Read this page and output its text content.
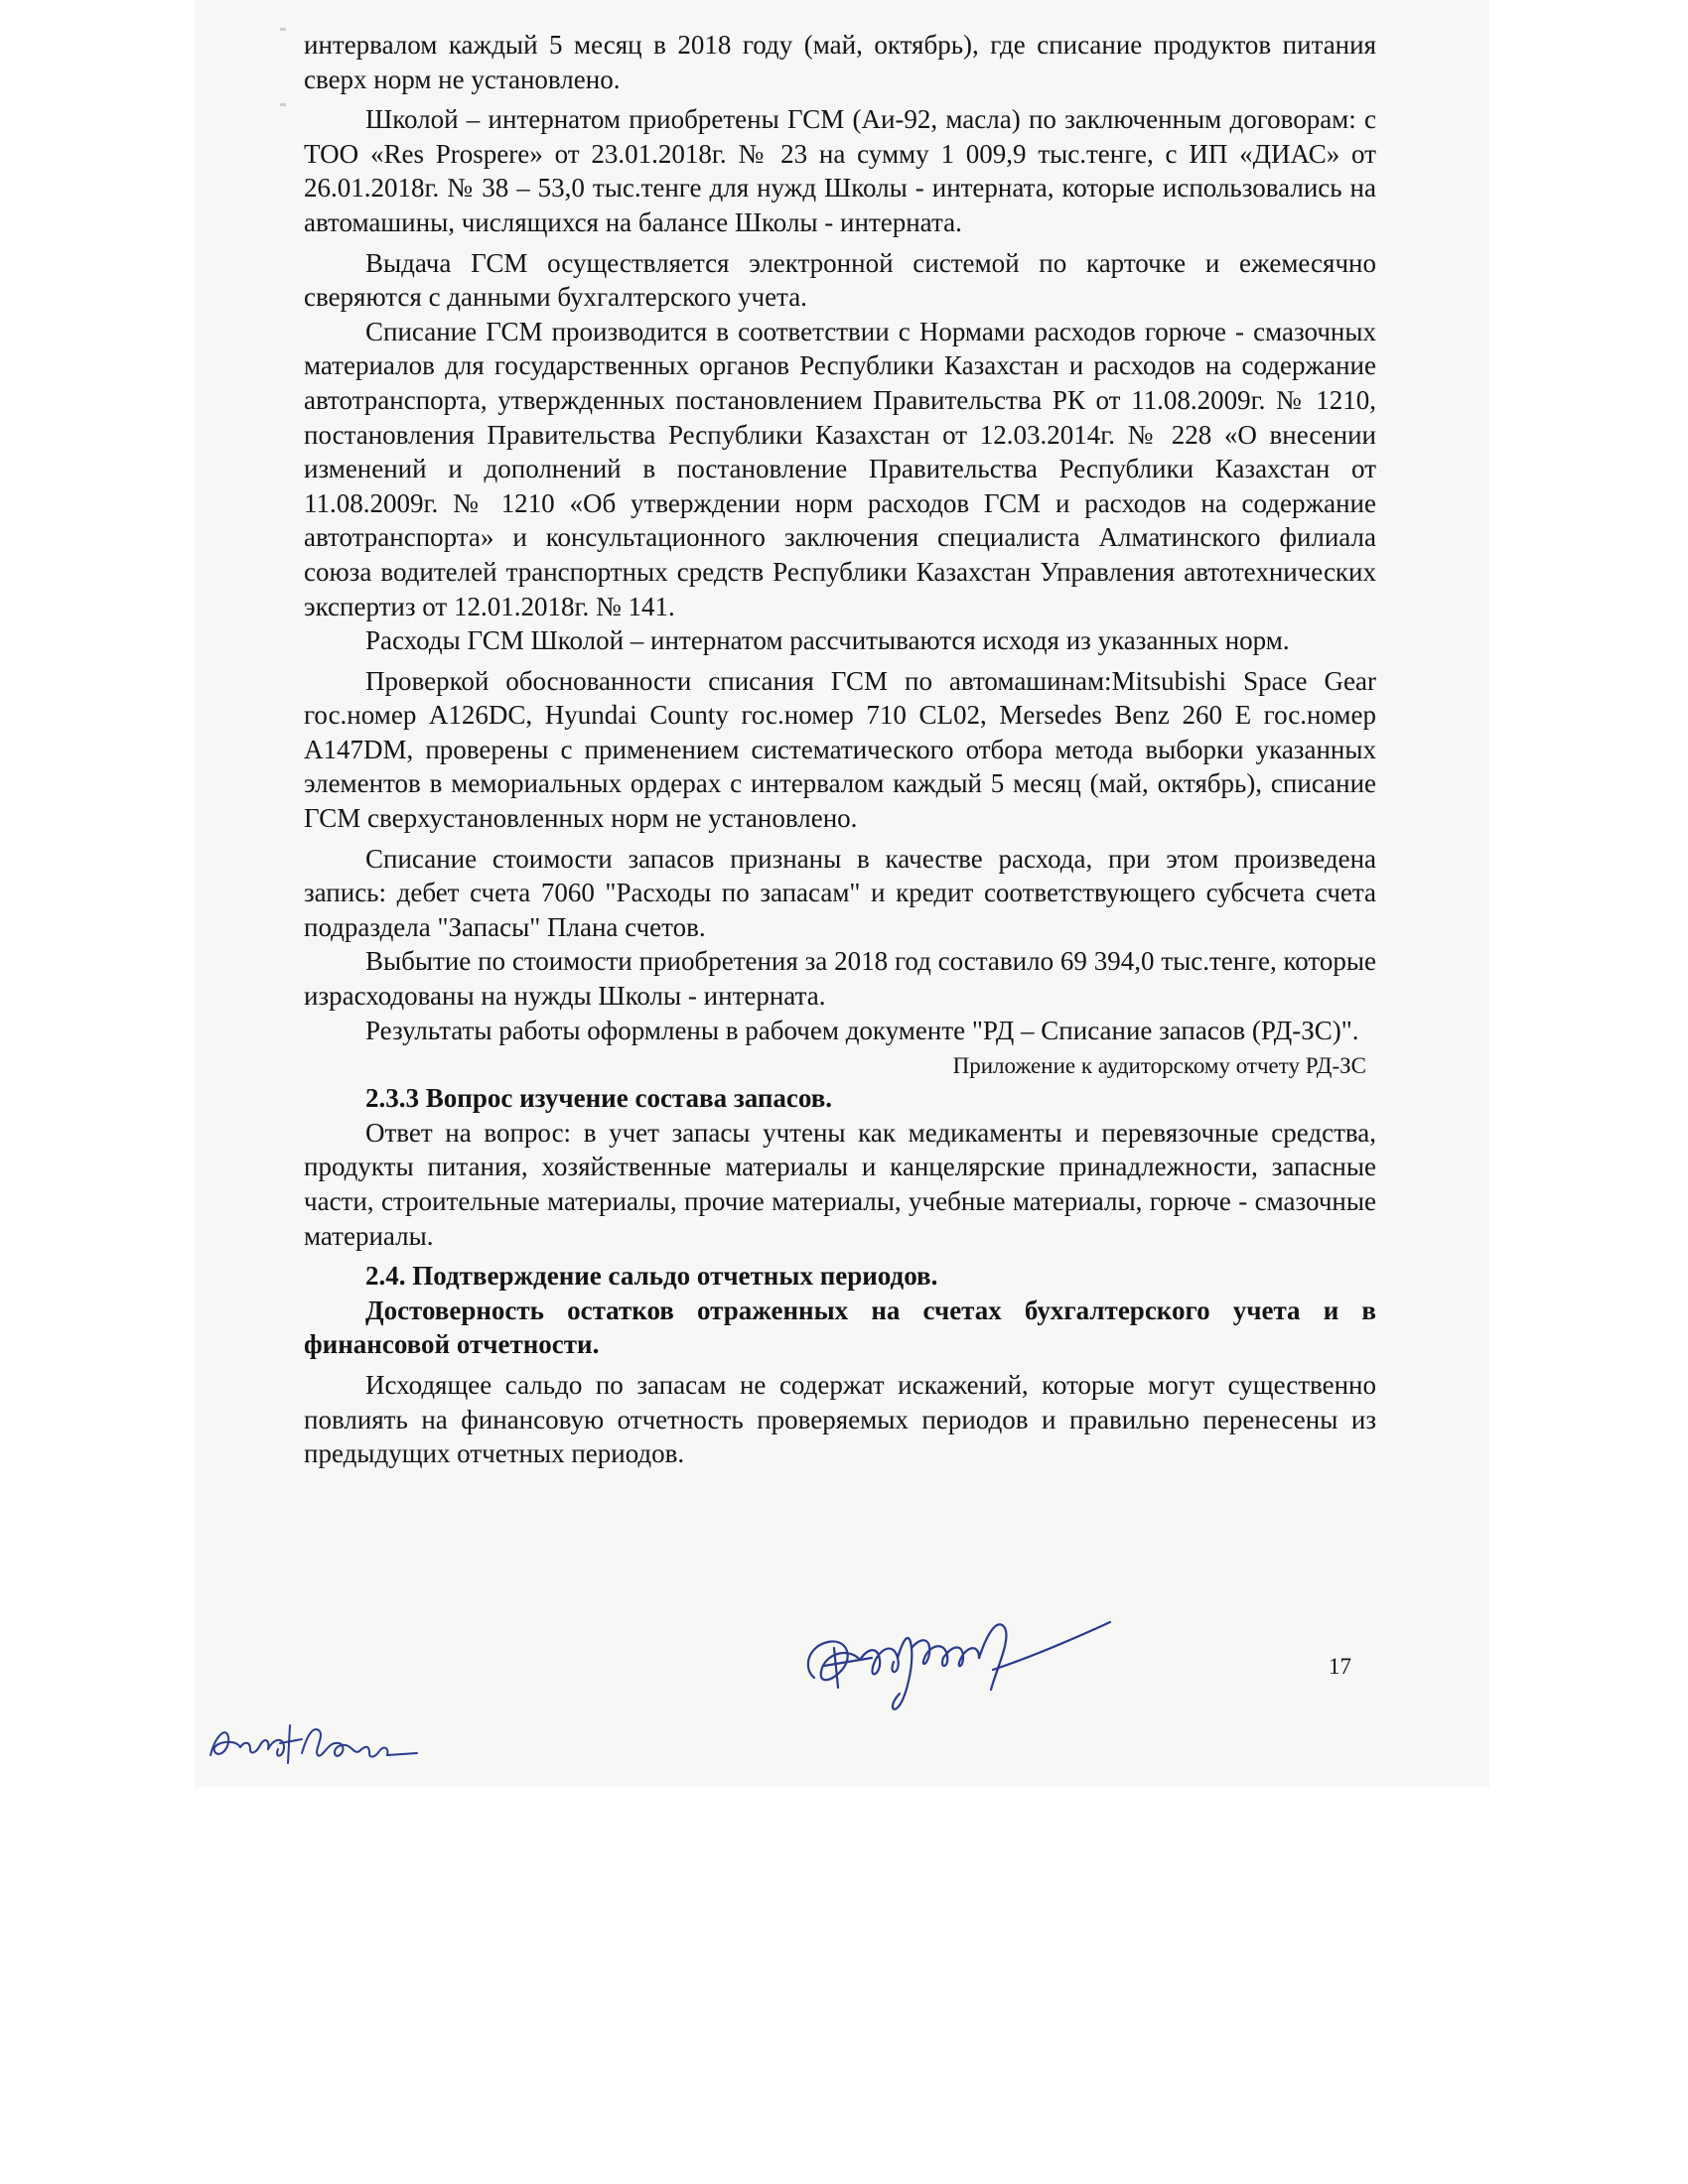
интервалом каждый 5 месяц в 2018 году (май, октябрь), где списание продуктов питания сверх норм не установлено.

Школой – интернатом приобретены ГСМ (Аи-92, масла) по заключенным договорам: с ТОО «Res Prospere» от 23.01.2018г. № 23 на сумму 1 009,9 тыс.тенге, с ИП «ДИАС» от 26.01.2018г. № 38 – 53,0 тыс.тенге для нужд Школы - интерната, которые использовались на автомашины, числящихся на балансе Школы - интерната.

Выдача ГСМ осуществляется электронной системой по карточке и ежемесячно сверяются с данными бухгалтерского учета.

Списание ГСМ производится в соответствии с Нормами расходов горюче - смазочных материалов для государственных органов Республики Казахстан и расходов на содержание автотранспорта, утвержденных постановлением Правительства РК от 11.08.2009г. № 1210, постановления Правительства Республики Казахстан от 12.03.2014г. № 228 «О внесении изменений и дополнений в постановление Правительства Республики Казахстан от 11.08.2009г. № 1210 «Об утверждении норм расходов ГСМ и расходов на содержание автотранспорта» и консультационного заключения специалиста Алматинского филиала союза водителей транспортных средств Республики Казахстан Управления автотехнических экспертиз от 12.01.2018г. № 141.

Расходы ГСМ Школой – интернатом рассчитываются исходя из указанных норм.

Проверкой обоснованности списания ГСМ по автомашинам:Mitsubishi Space Gear гос.номер A126DC, Hyundai County гос.номер 710 CL02, Mersedes Benz 260 E гос.номер A147DM, проверены с применением систематического отбора метода выборки указанных элементов в мемориальных ордерах с интервалом каждый 5 месяц (май, октябрь), списание ГСМ сверхустановленных норм не установлено.

Списание стоимости запасов признаны в качестве расхода, при этом произведена запись: дебет счета 7060 "Расходы по запасам" и кредит соответствующего субсчета счета подраздела "Запасы" Плана счетов.

Выбытие по стоимости приобретения за 2018 год составило 69 394,0 тыс.тенге, которые израсходованы на нужды Школы - интерната.

Результаты работы оформлены в рабочем документе "РД – Списание запасов (РД-ЗС)".

Приложение к аудиторскому отчету РД-ЗС

2.3.3 Вопрос изучение состава запасов.

Ответ на вопрос: в учет запасы учтены как медикаменты и перевязочные средства, продукты питания, хозяйственные материалы и канцелярские принадлежности, запасные части, строительные материалы, прочие материалы, учебные материалы, горюче - смазочные материалы.

2.4. Подтверждение сальдо отчетных периодов.

Достоверность остатков отраженных на счетах бухгалтерского учета и в финансовой отчетности.

Исходящее сальдо по запасам не содержат искажений, которые могут существенно повлиять на финансовую отчетность проверяемых периодов и правильно перенесены из предыдущих отчетных периодов.

17
